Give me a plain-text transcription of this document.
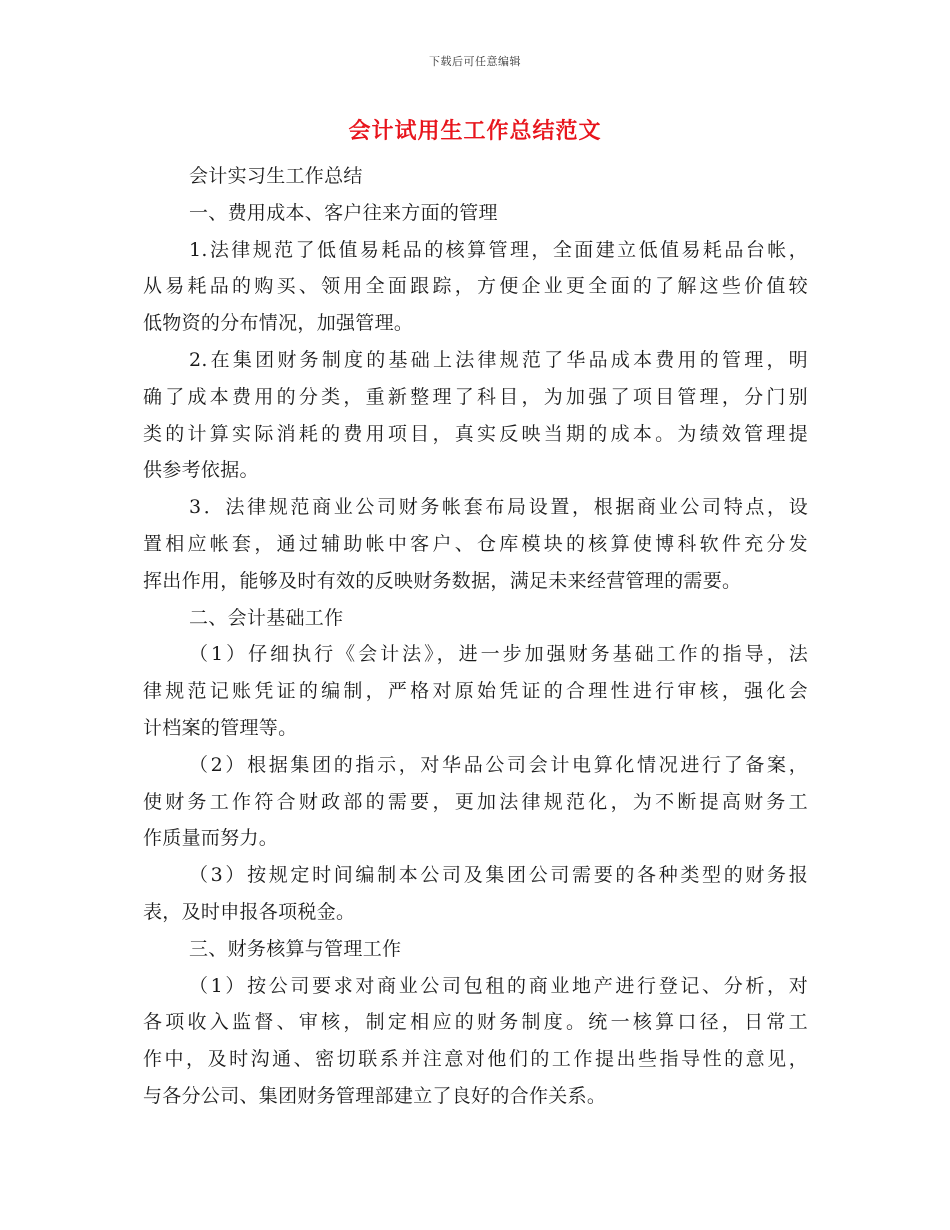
下载后可任意编辑
会计试用生工作总结范文
会计实习生工作总结
一、费用成本、客户往来方面的管理
1.法律规范了低值易耗品的核算管理，全面建立低值易耗品台帐，
从易耗品的购买、领用全面跟踪，方便企业更全面的了解这些价值较
低物资的分布情况，加强管理。
2.在集团财务制度的基础上法律规范了华品成本费用的管理，明
确了成本费用的分类，重新整理了科目，为加强了项目管理，分门别
类的计算实际消耗的费用项目，真实反映当期的成本。为绩效管理提
供参考依据。
3．法律规范商业公司财务帐套布局设置，根据商业公司特点，设
置相应帐套，通过辅助帐中客户、仓库模块的核算使博科软件充分发
挥出作用，能够及时有效的反映财务数据，满足未来经营管理的需要。
二、会计基础工作
（1）仔细执行《会计法》，进一步加强财务基础工作的指导，法
律规范记账凭证的编制，严格对原始凭证的合理性进行审核，强化会
计档案的管理等。
（2）根据集团的指示，对华品公司会计电算化情况进行了备案，
使财务工作符合财政部的需要，更加法律规范化，为不断提高财务工
作质量而努力。
（3）按规定时间编制本公司及集团公司需要的各种类型的财务报
表，及时申报各项税金。
三、财务核算与管理工作
（1）按公司要求对商业公司包租的商业地产进行登记、分析，对
各项收入监督、审核，制定相应的财务制度。统一核算口径，日常工
作中，及时沟通、密切联系并注意对他们的工作提出些指导性的意见，
与各分公司、集团财务管理部建立了良好的合作关系。
